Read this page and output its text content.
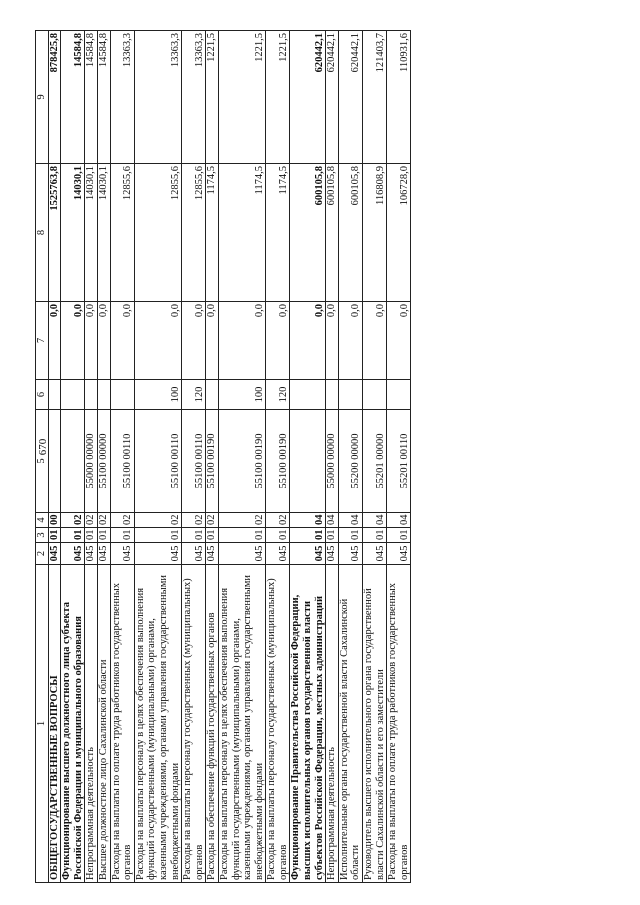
670
1	2	3	4	5	6	7	8	9
ОБЩЕГОСУДАРСТВЕННЫЕ ВОПРОСЫ	045	01	00			0,0	1525763,8	878425,8
Функционирование высшего должностного лица субъекта Российской Федерации и муниципального образования	045	01	02			0,0	14030,1	14584,8
Непрограммная деятельность	045	01	02	55000 00000		0,0	14030,1	14584,8
Высшее должностное лицо Сахалинской области	045	01	02	55100 00000		0,0	14030,1	14584,8
Расходы на выплаты по оплате труда работников государственных органов	045	01	02	55100 00110		0,0	12855,6	13363,3
Расходы на выплаты персоналу в целях обеспечения выполнения функций государственными (муниципальными) органами, казенными учреждениями, органами управления государственными внебюджетными фондами	045	01	02	55100 00110	100	0,0	12855,6	13363,3
Расходы на выплаты персоналу государственных (муниципальных) органов	045	01	02	55100 00110	120	0,0	12855,6	13363,3
Расходы на обеспечение функций государственных органов	045	01	02	55100 00190		0,0	1174,5	1221,5
Расходы на выплаты персоналу в целях обеспечения выполнения функций государственными (муниципальными) органами, казенными учреждениями, органами управления государственными внебюджетными фондами	045	01	02	55100 00190	100	0,0	1174,5	1221,5
Расходы на выплаты персоналу государственных (муниципальных) органов	045	01	02	55100 00190	120	0,0	1174,5	1221,5
Функционирование Правительства Российской Федерации, высших исполнительных органов государственной власти субъектов Российской Федерации, местных администраций	045	01	04			0,0	600105,8	620442,1
Непрограммная деятельность	045	01	04	55000 00000		0,0	600105,8	620442,1
Исполнительные органы государственной власти Сахалинской области	045	01	04	55200 00000		0,0	600105,8	620442,1
Руководитель высшего исполнительного органа государственной власти Сахалинской области и его заместители	045	01	04	55201 00000		0,0	116808,9	121403,7
Расходы на выплаты по оплате труда работников государственных органов	045	01	04	55201 00110		0,0	106728,0	110931,6
